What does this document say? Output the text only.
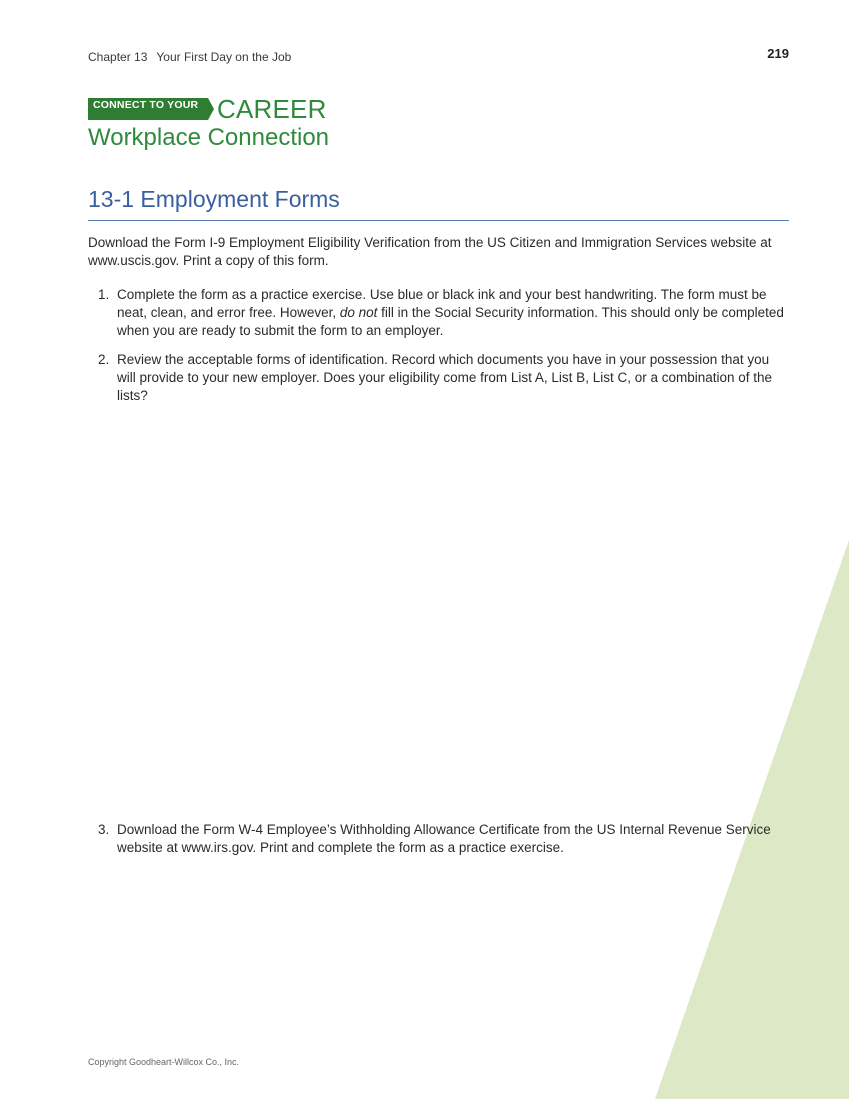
Chapter 13 Your First Day on the Job	219
CONNECT TO YOUR CAREER
Workplace Connection
13-1 Employment Forms
Download the Form I-9 Employment Eligibility Verification from the US Citizen and Immigration Services website at www.uscis.gov. Print a copy of this form.
1. Complete the form as a practice exercise. Use blue or black ink and your best handwriting. The form must be neat, clean, and error free. However, do not fill in the Social Security information. This should only be completed when you are ready to submit the form to an employer.
2. Review the acceptable forms of identification. Record which documents you have in your possession that you will provide to your new employer. Does your eligibility come from List A, List B, List C, or a combination of the lists?
3. Download the Form W-4 Employee’s Withholding Allowance Certificate from the US Internal Revenue Service website at www.irs.gov. Print and complete the form as a practice exercise.
Copyright Goodheart-Willcox Co., Inc.
